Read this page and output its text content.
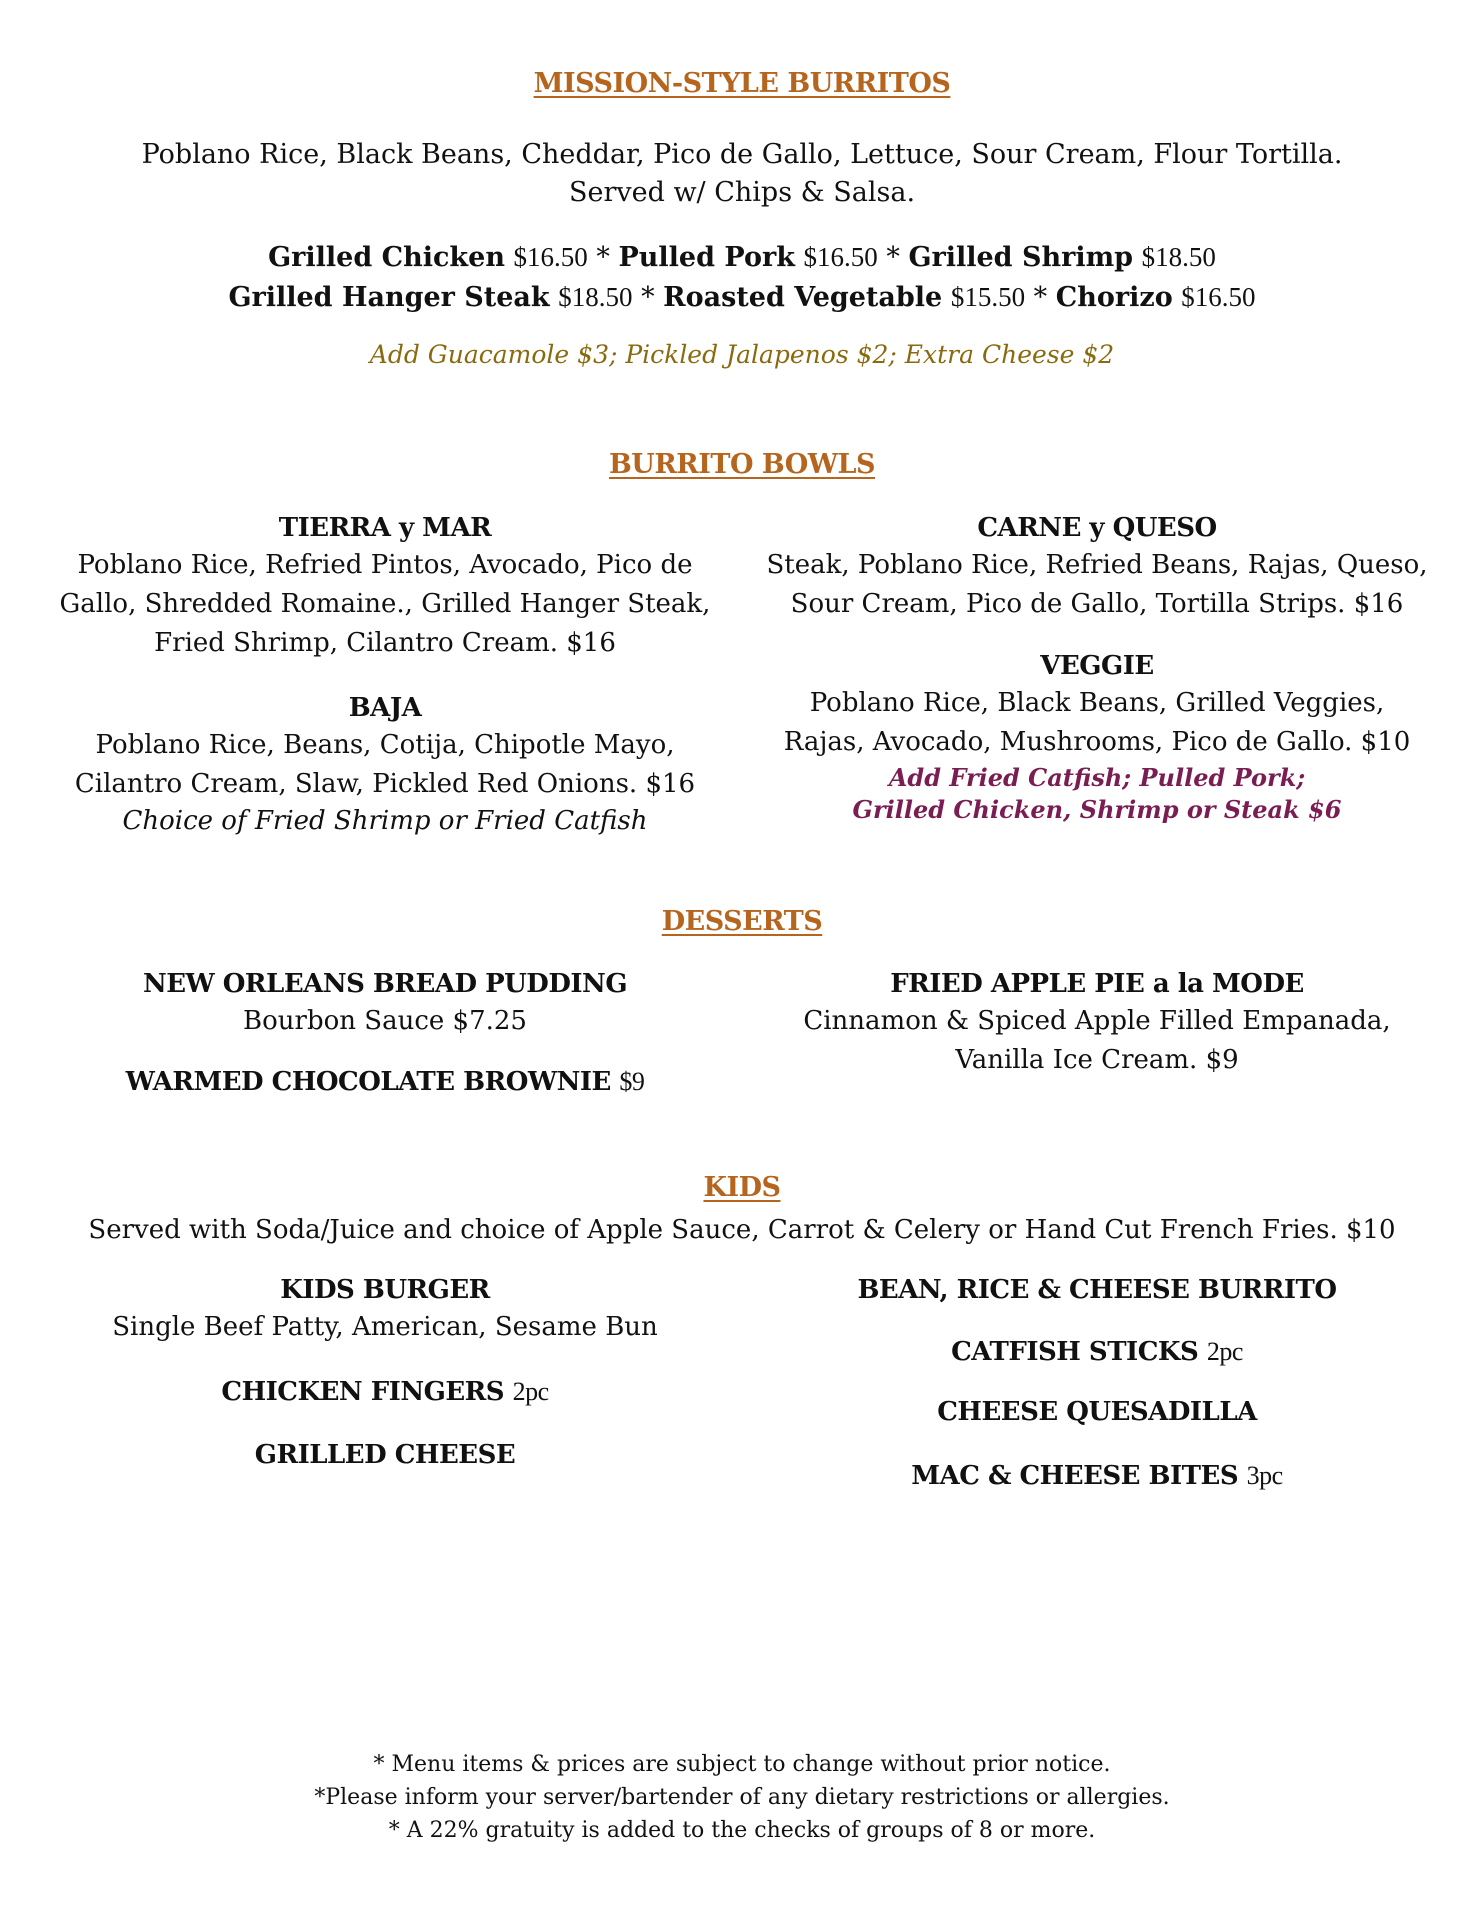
MISSION-STYLE BURRITOS
Poblano Rice, Black Beans, Cheddar, Pico de Gallo, Lettuce, Sour Cream, Flour Tortilla.
Served w/ Chips & Salsa.
Grilled Chicken $16.50 * Pulled Pork $16.50 * Grilled Shrimp $18.50
Grilled Hanger Steak $18.50 * Roasted Vegetable $15.50 * Chorizo $16.50
Add Guacamole $3; Pickled Jalapenos $2; Extra Cheese $2
BURRITO BOWLS
TIERRA y MAR
Poblano Rice, Refried Pintos, Avocado, Pico de
Gallo, Shredded Romaine., Grilled Hanger Steak,
Fried Shrimp, Cilantro Cream. $16
BAJA
Poblano Rice, Beans, Cotija, Chipotle Mayo,
Cilantro Cream, Slaw, Pickled Red Onions. $16
Choice of Fried Shrimp or Fried Catfish
CARNE y QUESO
Steak, Poblano Rice, Refried Beans, Rajas, Queso,
Sour Cream, Pico de Gallo, Tortilla Strips. $16
VEGGIE
Poblano Rice, Black Beans, Grilled Veggies,
Rajas, Avocado, Mushrooms, Pico de Gallo. $10
Add Fried Catfish; Pulled Pork;
Grilled Chicken, Shrimp or Steak $6
DESSERTS
NEW ORLEANS BREAD PUDDING
Bourbon Sauce $7.25
WARMED CHOCOLATE BROWNIE $9
FRIED APPLE PIE a la MODE
Cinnamon & Spiced Apple Filled Empanada,
Vanilla Ice Cream. $9
KIDS
Served with Soda/Juice and choice of Apple Sauce, Carrot & Celery or Hand Cut French Fries. $10
KIDS BURGER
Single Beef Patty, American, Sesame Bun
CHICKEN FINGERS 2pc
GRILLED CHEESE
BEAN, RICE & CHEESE BURRITO
CATFISH STICKS 2pc
CHEESE QUESADILLA
MAC & CHEESE BITES 3pc
* Menu items & prices are subject to change without prior notice.
*Please inform your server/bartender of any dietary restrictions or allergies.
* A 22% gratuity is added to the checks of groups of 8 or more.
